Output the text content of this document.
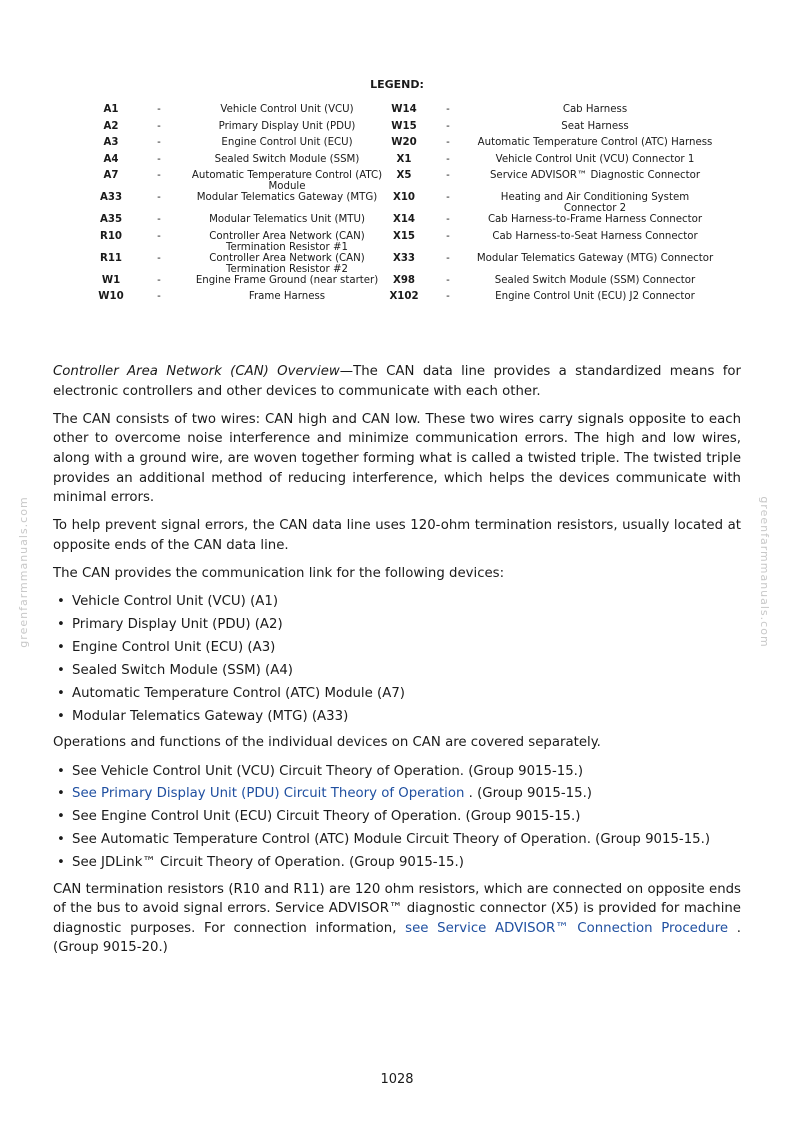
greenfarmmanuals.com	greenfarmmanuals.com
LEGEND:
A1	-	Vehicle Control Unit (VCU)	W14	-		Cab Harness
A2	-	Primary Display Unit (PDU)	W15	-		Seat Harness
A3	-	Engine Control Unit (ECU)	W20	-		Automatic Temperature Control (ATC) Harness
A4	-	Sealed Switch Module (SSM)	X1	-		Vehicle Control Unit (VCU) Connector 1
A7	-	Automatic Temperature Control (ATC) Module	X5	-		Service ADVISOR™ Diagnostic Connector
A33	-	Modular Telematics Gateway (MTG)	X10	-		Heating and Air Conditioning System Connector 2
A35	-	Modular Telematics Unit (MTU)	X14	-		Cab Harness-to-Frame Harness Connector
R10	-	Controller Area Network (CAN) Termination Resistor #1	X15	-		Cab Harness-to-Seat Harness Connector
R11	-	Controller Area Network (CAN) Termination Resistor #2	X33	-		Modular Telematics Gateway (MTG) Connector
W1	-	Engine Frame Ground (near starter)	X98	-		Sealed Switch Module (SSM) Connector
W10	-	Frame Harness	X102	-		Engine Control Unit (ECU) J2 Connector

Controller Area Network (CAN) Overview—The CAN data line provides a standardized means for electronic controllers and other devices to communicate with each other.

The CAN consists of two wires: CAN high and CAN low. These two wires carry signals opposite to each other to overcome noise interference and minimize communication errors. The high and low wires, along with a ground wire, are woven together forming what is called a twisted triple. The twisted triple provides an additional method of reducing interference, which helps the devices communicate with minimal errors.

To help prevent signal errors, the CAN data line uses 120-ohm termination resistors, usually located at opposite ends of the CAN data line.

The CAN provides the communication link for the following devices:

• Vehicle Control Unit (VCU) (A1)
• Primary Display Unit (PDU) (A2)
• Engine Control Unit (ECU) (A3)
• Sealed Switch Module (SSM) (A4)
• Automatic Temperature Control (ATC) Module (A7)
• Modular Telematics Gateway (MTG) (A33)

Operations and functions of the individual devices on CAN are covered separately.

• See Vehicle Control Unit (VCU) Circuit Theory of Operation. (Group 9015-15.)
• See Primary Display Unit (PDU) Circuit Theory of Operation . (Group 9015-15.)
• See Engine Control Unit (ECU) Circuit Theory of Operation. (Group 9015-15.)
• See Automatic Temperature Control (ATC) Module Circuit Theory of Operation. (Group 9015-15.)
• See JDLink™ Circuit Theory of Operation. (Group 9015-15.)

CAN termination resistors (R10 and R11) are 120 ohm resistors, which are connected on opposite ends of the bus to avoid signal errors. Service ADVISOR™ diagnostic connector (X5) is provided for machine diagnostic purposes. For connection information, see Service ADVISOR™ Connection Procedure . (Group 9015-20.)

1028
